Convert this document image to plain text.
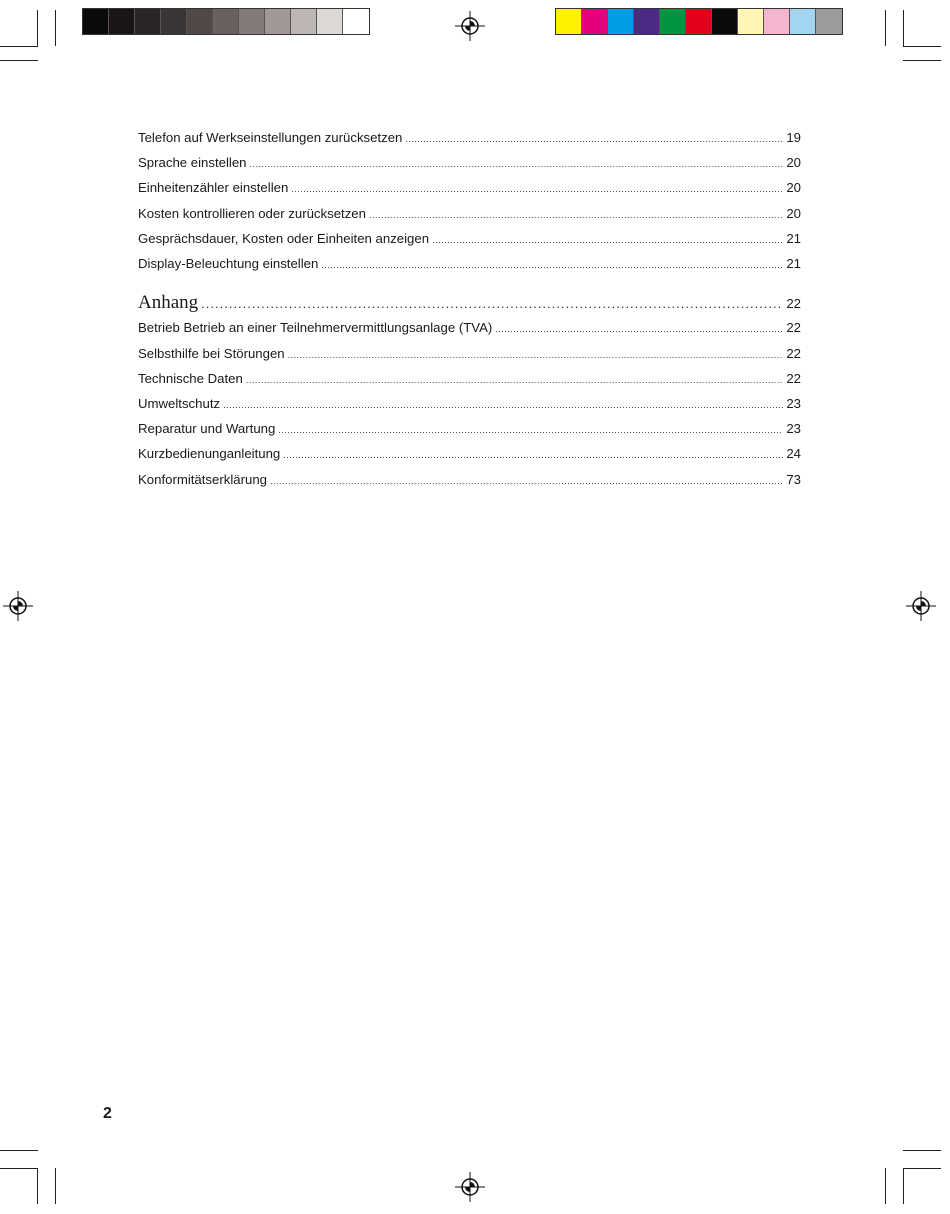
Telefon auf Werkseinstellungen zurücksetzen .....	19
Sprache einstellen .....	20
Einheitenzähler einstellen .....	20
Kosten kontrollieren oder zurücksetzen .....	20
Gesprächsdauer, Kosten oder Einheiten anzeigen .....	21
Display-Beleuchtung einstellen .....	21
Anhang .....	22
Betrieb Betrieb an einer Teilnehmervermittlungsanlage (TVA) .....	22
Selbsthilfe bei Störungen .....	22
Technische Daten .....	22
Umweltschutz .....	23
Reparatur und Wartung .....	23
Kurzbedienunganleitung .....	24
Konformitätserklärung .....	73
2
